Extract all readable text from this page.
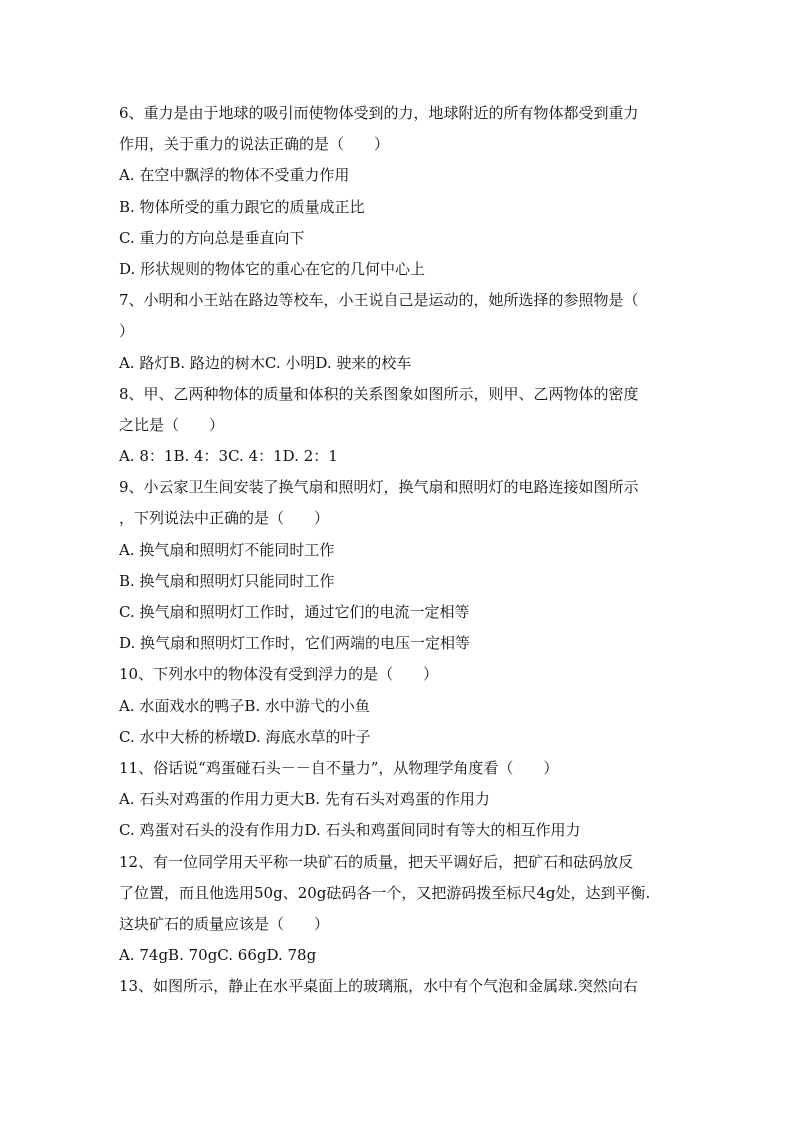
6、重力是由于地球的吸引而使物体受到的力，地球附近的所有物体都受到重力
作用，关于重力的说法正确的是（　　）
A. 在空中飘浮的物体不受重力作用
B. 物体所受的重力跟它的质量成正比
C. 重力的方向总是垂直向下
D. 形状规则的物体它的重心在它的几何中心上
7、小明和小王站在路边等校车，小王说自己是运动的，她所选择的参照物是（
）
A. 路灯B. 路边的树木C. 小明D. 驶来的校车
8、甲、乙两种物体的质量和体积的关系图象如图所示，则甲、乙两物体的密度
之比是（　　）
A. 8：1B. 4：3C. 4：1D. 2：1
9、小云家卫生间安装了换气扇和照明灯，换气扇和照明灯的电路连接如图所示
，下列说法中正确的是（　　）
A. 换气扇和照明灯不能同时工作
B. 换气扇和照明灯只能同时工作
C. 换气扇和照明灯工作时，通过它们的电流一定相等
D. 换气扇和照明灯工作时，它们两端的电压一定相等
10、下列水中的物体没有受到浮力的是（　　）
A. 水面戏水的鸭子B. 水中游弋的小鱼
C. 水中大桥的桥墩D. 海底水草的叶子
11、俗话说“鸡蛋碰石头－－自不量力”，从物理学角度看（　　）
A. 石头对鸡蛋的作用力更大B. 先有石头对鸡蛋的作用力
C. 鸡蛋对石头的没有作用力D. 石头和鸡蛋间同时有等大的相互作用力
12、有一位同学用天平称一块矿石的质量，把天平调好后，把矿石和砝码放反
了位置，而且他选用50g、20g砝码各一个，又把游码拨至标尺4g处，达到平衡.
这块矿石的质量应该是（　　）
A. 74gB. 70gC. 66gD. 78g
13、如图所示，静止在水平桌面上的玻璃瓶，水中有个气泡和金属球.突然向右
